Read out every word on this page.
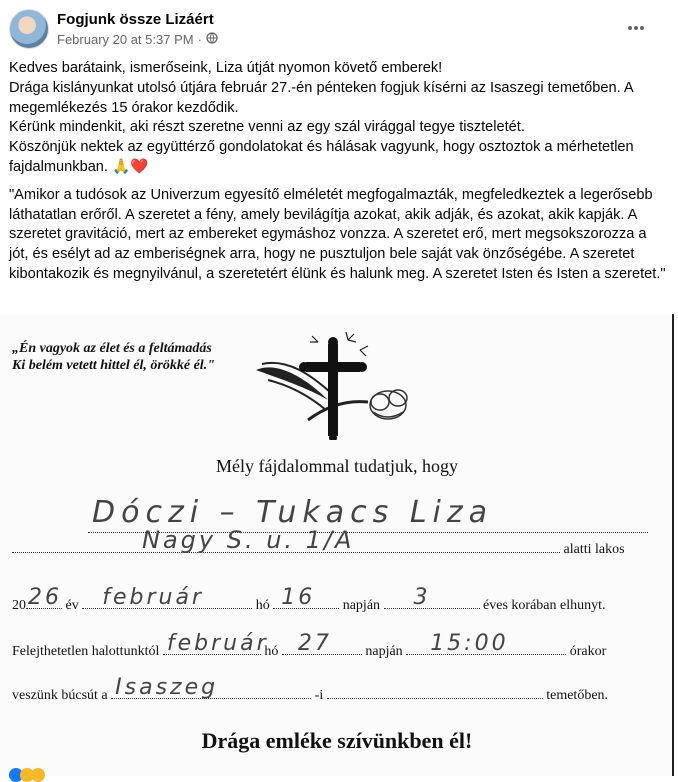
Fogjunk össze Lizáért
February 20 at 5:37 PM ·

Kedves barátaink, ismerőseink, Liza útját nyomon követő emberek!

Drága kislányunkat utolsó útjára február 27.-én pénteken fogjuk kísérni az Isaszegi temetőben. A megemlékezés 15 órakor kezdődik.

Kérünk mindenkit, aki részt szeretne venni az egy szál virággal tegye tiszteletét.

Köszönjük nektek az együttérző gondolatokat és hálásak vagyunk, hogy osztoztok a mérhetetlen fajdalmunkban. 🙏❤️

"Amikor a tudósok az Univerzum egyesítő elméletét megfogalmazták, megfeledkeztek a legerősebb láthatatlan erőről. A szeretet a fény, amely bevilágítja azokat, akik adják, és azokat, akik kapják. A szeretet gravitáció, mert az embereket egymáshoz vonzza. A szeretet erő, mert megsokszorozza a jót, és esélyt ad az emberiségnek arra, hogy ne pusztuljon bele saját vak önzőségébe. A szeretet kibontakozik és megnyilvánul, a szeretetért élünk és halunk meg. A szeretet Isten és Isten a szeretet."

„Én vagyok az élet és a feltámadás
Ki belém vetett hittel él, örökké él."
Mély fájdalommal tudatjuk, hogy
Dóczi – Tukacs Liza
Nagy S. u. 1/A	alatti lakos
20 26 év február	hó 16 napján 3	éves korában elhunyt.
Felejthetetlen halottunktól február
hó 27 napján 15:00	órakor
veszünk búcsút a Isaszeg	-i	temetőben.
Drága emléke szívünkben él!
